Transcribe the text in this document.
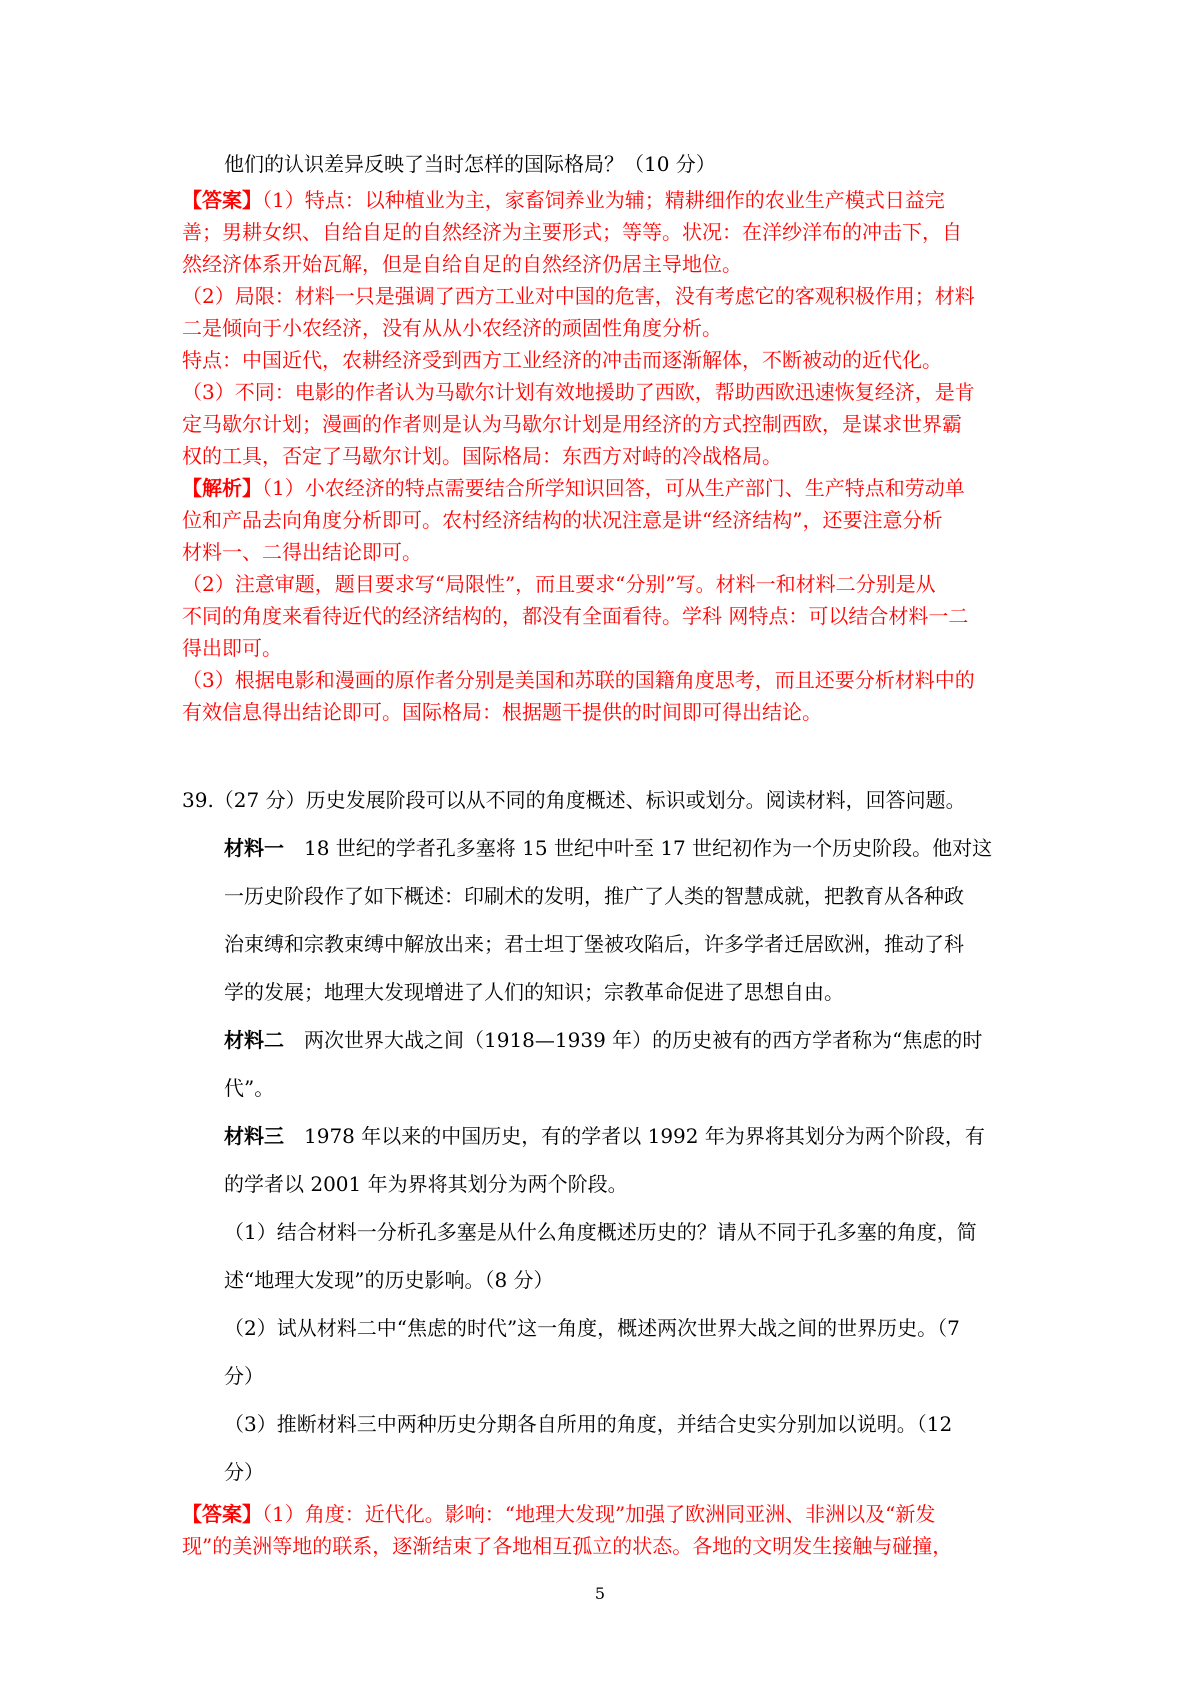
他们的认识差异反映了当时怎样的国际格局？（10 分）
【答案】（1）特点：以种植业为主，家畜饲养业为辅；精耕细作的农业生产模式日益完
善；男耕女织、自给自足的自然经济为主要形式；等等。状况：在洋纱洋布的冲击下，自
然经济体系开始瓦解，但是自给自足的自然经济仍居主导地位。
（2）局限：材料一只是强调了西方工业对中国的危害，没有考虑它的客观积极作用；材料
二是倾向于小农经济，没有从从小农经济的顽固性角度分析。
特点：中国近代，农耕经济受到西方工业经济的冲击而逐渐解体，不断被动的近代化。
（3）不同：电影的作者认为马歇尔计划有效地援助了西欧，帮助西欧迅速恢复经济，是肯
定马歇尔计划；漫画的作者则是认为马歇尔计划是用经济的方式控制西欧，是谋求世界霸
权的工具，否定了马歇尔计划。国际格局：东西方对峙的冷战格局。
【解析】（1）小农经济的特点需要结合所学知识回答，可从生产部门、生产特点和劳动单
位和产品去向角度分析即可。农村经济结构的状况注意是讲“经济结构”，还要注意分析
材料一、二得出结论即可。
（2）注意审题，题目要求写“局限性”，而且要求“分别”写。材料一和材料二分别是从
不同的角度来看待近代的经济结构的，都没有全面看待。学科 网特点：可以结合材料一二
得出即可。
（3）根据电影和漫画的原作者分别是美国和苏联的国籍角度思考，而且还要分析材料中的
有效信息得出结论即可。国际格局：根据题干提供的时间即可得出结论。
39.（27 分）历史发展阶段可以从不同的角度概述、标识或划分。阅读材料，回答问题。
材料一　18 世纪的学者孔多塞将 15 世纪中叶至 17 世纪初作为一个历史阶段。他对这
一历史阶段作了如下概述：印刷术的发明，推广了人类的智慧成就，把教育从各种政
治束缚和宗教束缚中解放出来；君士坦丁堡被攻陷后，许多学者迁居欧洲，推动了科
学的发展；地理大发现增进了人们的知识；宗教革命促进了思想自由。
材料二　两次世界大战之间（1918—1939 年）的历史被有的西方学者称为“焦虑的时
代”。
材料三　1978 年以来的中国历史，有的学者以 1992 年为界将其划分为两个阶段，有
的学者以 2001 年为界将其划分为两个阶段。
（1）结合材料一分析孔多塞是从什么角度概述历史的？请从不同于孔多塞的角度，简
述“地理大发现”的历史影响。（8 分）
（2）试从材料二中“焦虑的时代”这一角度，概述两次世界大战之间的世界历史。（7
分）
（3）推断材料三中两种历史分期各自所用的角度，并结合史实分别加以说明。（12
分）
【答案】（1）角度：近代化。影响：“地理大发现”加强了欧洲同亚洲、非洲以及“新发
现”的美洲等地的联系，逐渐结束了各地相互孤立的状态。各地的文明发生接触与碰撞，
5
